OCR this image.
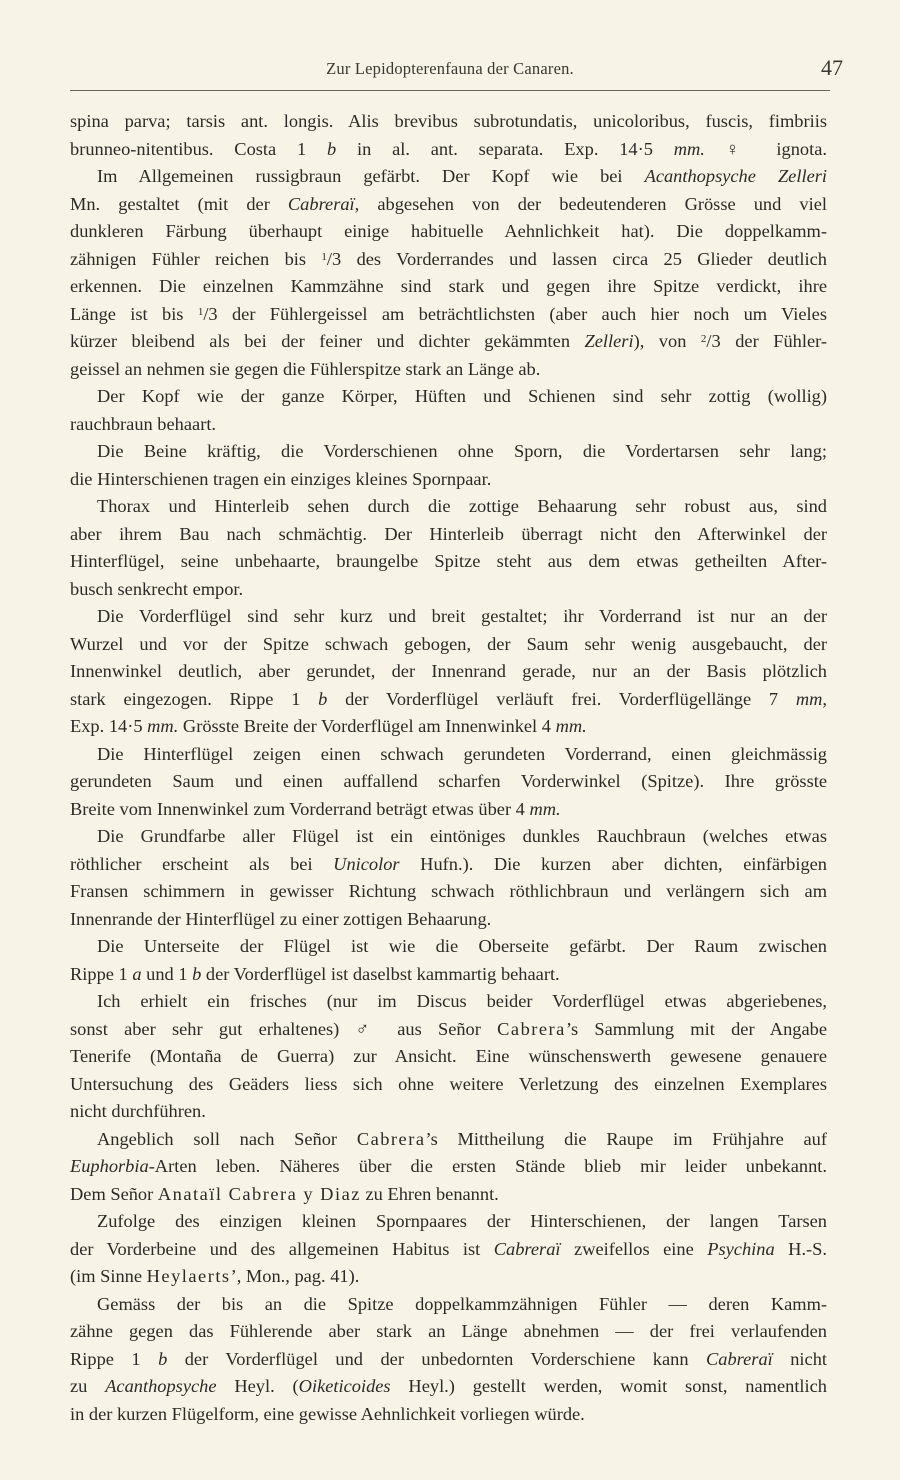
Zur Lepidopterenfauna der Canaren.	47
spina parva; tarsis ant. longis. Alis brevibus subrotundatis, unicoloribus, fuscis, fimbriis
brunneo-nitentibus. Costa 1 b in al. ant. separata. Exp. 14·5 mm. ♀ ignota.
Im Allgemeinen russigbraun gefärbt. Der Kopf wie bei Acanthopsyche Zelleri
Mn. gestaltet (mit der Cabreraï, abgesehen von der bedeutenderen Grösse und viel
dunkleren Färbung überhaupt einige habituelle Aehnlichkeit hat). Die doppelkamm-
zähnigen Fühler reichen bis $^1$/3 des Vorderrandes und lassen circa 25 Glieder deutlich
erkennen. Die einzelnen Kammzähne sind stark und gegen ihre Spitze verdickt, ihre
Länge ist bis $^1$/3 der Fühlergeissel am beträchtlichsten (aber auch hier noch um Vieles
kürzer bleibend als bei der feiner und dichter gekämmten Zelleri), von $^2$/3 der Fühler-
geissel an nehmen sie gegen die Fühlerspitze stark an Länge ab.
Der Kopf wie der ganze Körper, Hüften und Schienen sind sehr zottig (wollig)
rauchbraun behaart.
Die Beine kräftig, die Vorderschienen ohne Sporn, die Vordertarsen sehr lang;
die Hinterschienen tragen ein einziges kleines Spornpaar.
Thorax und Hinterleib sehen durch die zottige Behaarung sehr robust aus, sind
aber ihrem Bau nach schmächtig. Der Hinterleib überragt nicht den Afterwinkel der
Hinterflügel, seine unbehaarte, braungelbe Spitze steht aus dem etwas getheilten After-
busch senkrecht empor.
Die Vorderflügel sind sehr kurz und breit gestaltet; ihr Vorderrand ist nur an der
Wurzel und vor der Spitze schwach gebogen, der Saum sehr wenig ausgebaucht, der
Innenwinkel deutlich, aber gerundet, der Innenrand gerade, nur an der Basis plötzlich
stark eingezogen. Rippe 1 b der Vorderflügel verläuft frei. Vorderflügellänge 7 mm,
Exp. 14·5 mm. Grösste Breite der Vorderflügel am Innenwinkel 4 mm.
Die Hinterflügel zeigen einen schwach gerundeten Vorderrand, einen gleichmässig
gerundeten Saum und einen auffallend scharfen Vorderwinkel (Spitze). Ihre grösste
Breite vom Innenwinkel zum Vorderrand beträgt etwas über 4 mm.
Die Grundfarbe aller Flügel ist ein eintöniges dunkles Rauchbraun (welches etwas
röthlicher erscheint als bei Unicolor Hufn.). Die kurzen aber dichten, einfärbigen
Fransen schimmern in gewisser Richtung schwach röthlichbraun und verlängern sich am
Innenrande der Hinterflügel zu einer zottigen Behaarung.
Die Unterseite der Flügel ist wie die Oberseite gefärbt. Der Raum zwischen
Rippe 1 a und 1 b der Vorderflügel ist daselbst kammartig behaart.
Ich erhielt ein frisches (nur im Discus beider Vorderflügel etwas abgeriebenes,
sonst aber sehr gut erhaltenes) ♂ aus Señor Cabrera’s Sammlung mit der Angabe
Tenerife (Montaña de Guerra) zur Ansicht. Eine wünschenswerth gewesene genauere
Untersuchung des Geäders liess sich ohne weitere Verletzung des einzelnen Exemplares
nicht durchführen.
Angeblich soll nach Señor Cabrera’s Mittheilung die Raupe im Frühjahre auf
Euphorbia-Arten leben. Näheres über die ersten Stände blieb mir leider unbekannt.
Dem Señor Anataïl Cabrera y Diaz zu Ehren benannt.
Zufolge des einzigen kleinen Spornpaares der Hinterschienen, der langen Tarsen
der Vorderbeine und des allgemeinen Habitus ist Cabreraï zweifellos eine Psychina H.-S.
(im Sinne Heylaerts’, Mon., pag. 41).
Gemäss der bis an die Spitze doppelkammzähnigen Fühler — deren Kamm-
zähne gegen das Fühlerende aber stark an Länge abnehmen — der frei verlaufenden
Rippe 1 b der Vorderflügel und der unbedornten Vorderschiene kann Cabreraï nicht
zu Acanthopsyche Heyl. (Oiketicoides Heyl.) gestellt werden, womit sonst, namentlich
in der kurzen Flügelform, eine gewisse Aehnlichkeit vorliegen würde.
